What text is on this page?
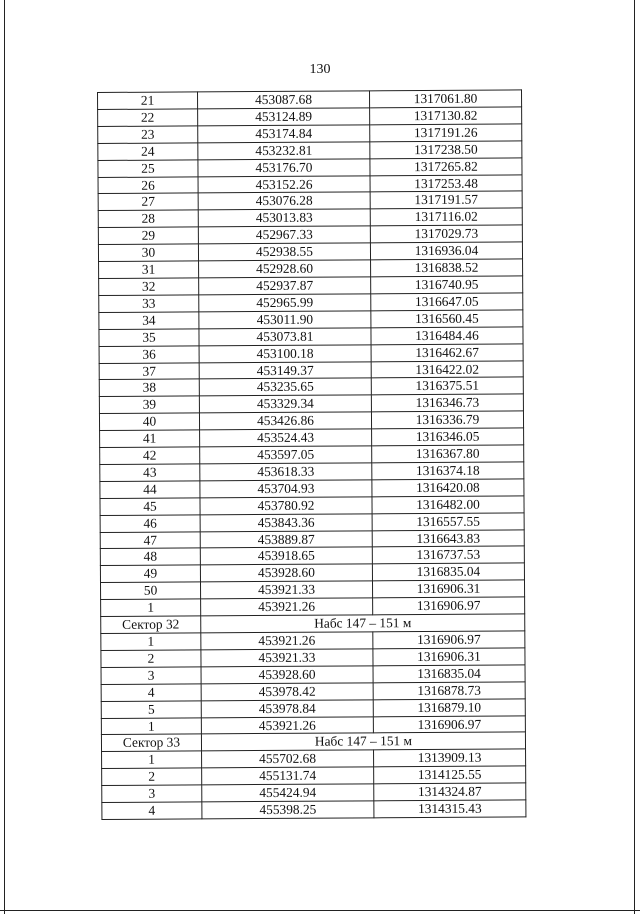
130
21	453087.68	1317061.80
22	453124.89	1317130.82
23	453174.84	1317191.26
24	453232.81	1317238.50
25	453176.70	1317265.82
26	453152.26	1317253.48
27	453076.28	1317191.57
28	453013.83	1317116.02
29	452967.33	1317029.73
30	452938.55	1316936.04
31	452928.60	1316838.52
32	452937.87	1316740.95
33	452965.99	1316647.05
34	453011.90	1316560.45
35	453073.81	1316484.46
36	453100.18	1316462.67
37	453149.37	1316422.02
38	453235.65	1316375.51
39	453329.34	1316346.73
40	453426.86	1316336.79
41	453524.43	1316346.05
42	453597.05	1316367.80
43	453618.33	1316374.18
44	453704.93	1316420.08
45	453780.92	1316482.00
46	453843.36	1316557.55
47	453889.87	1316643.83
48	453918.65	1316737.53
49	453928.60	1316835.04
50	453921.33	1316906.31
1	453921.26	1316906.97
Сектор 32	Набс 147 – 151 м	
1	453921.26	1316906.97
2	453921.33	1316906.31
3	453928.60	1316835.04
4	453978.42	1316878.73
5	453978.84	1316879.10
1	453921.26	1316906.97
Сектор 33	Набс 147 – 151 м	
1	455702.68	1313909.13
2	455131.74	1314125.55
3	455424.94	1314324.87
4	455398.25	1314315.43
